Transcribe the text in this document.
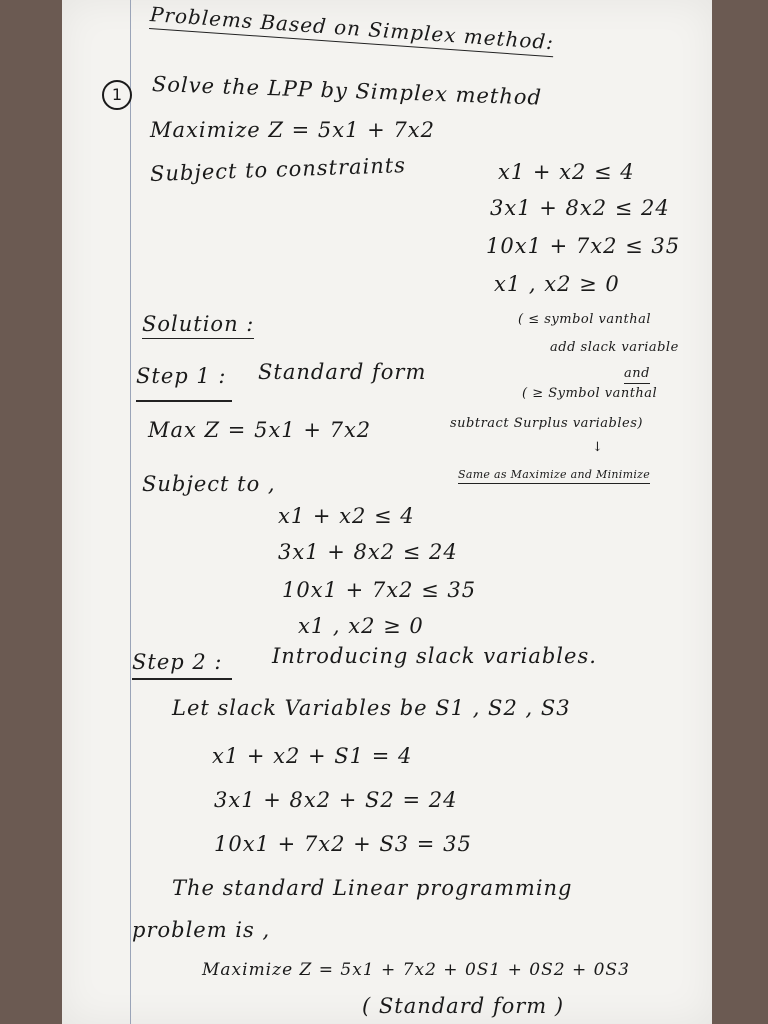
Problems Based on Simplex method:
1	Solve the LPP by Simplex method
Maximize Z = 5x1 + 7x2
Subject to constraints	x1 + x2 ≤ 4
3x1 + 8x2 ≤ 24
10x1 + 7x2 ≤ 35
x1 , x2 ≥ 0
Solution :	( ≤ symbol vanthal
add slack variable
and
( ≥ Symbol vanthal
subtract Surplus variables)
↓
Same as Maximize and Minimize
Step 1 : Standard form
Max Z = 5x1 + 7x2
Subject to ,
x1 + x2 ≤ 4
3x1 + 8x2 ≤ 24
10x1 + 7x2 ≤ 35
x1 , x2 ≥ 0
Step 2 : Introducing slack variables.
Let slack Variables be S1 , S2 , S3
x1 + x2 + S1 = 4
3x1 + 8x2 + S2 = 24
10x1 + 7x2 + S3 = 35
The standard Linear programming
problem is ,
Maximize Z = 5x1 + 7x2 + 0S1 + 0S2 + 0S3
( Standard form )
